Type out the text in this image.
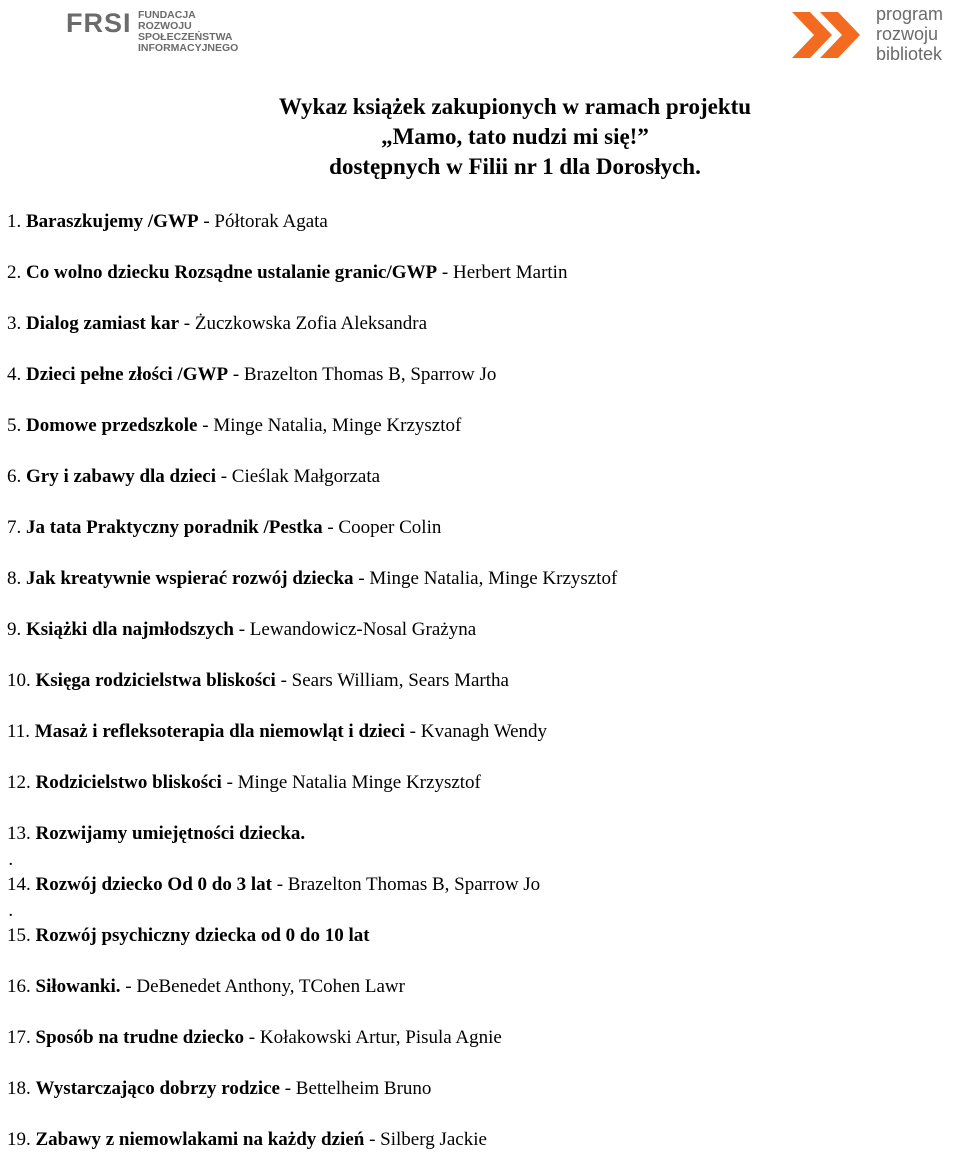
FRSI FUNDACJA
ROZWOJU
SPOŁECZEŃSTWA
INFORMACYJNEGO
program
rozwoju
bibliotek
Wykaz książek zakupionych w ramach projektu
„Mamo, tato nudzi mi się!”
dostępnych w Filii nr 1 dla Dorosłych.
1. Baraszkujemy /GWP - Półtorak Agata
2. Co wolno dziecku Rozsądne ustalanie granic/GWP - Herbert Martin
3. Dialog zamiast kar - Żuczkowska Zofia Aleksandra
4. Dzieci pełne złości /GWP - Brazelton Thomas B, Sparrow Jo
5. Domowe przedszkole - Minge Natalia, Minge Krzysztof
6. Gry i zabawy dla dzieci - Cieślak Małgorzata
7. Ja tata Praktyczny poradnik /Pestka - Cooper Colin
8. Jak kreatywnie wspierać rozwój dziecka - Minge Natalia, Minge Krzysztof
9. Książki dla najmłodszych - Lewandowicz-Nosal Grażyna
10. Księga rodzicielstwa bliskości - Sears William, Sears Martha
11. Masaż i refleksoterapia dla niemowląt i dzieci - Kvanagh Wendy
12. Rodzicielstwo bliskości - Minge Natalia Minge Krzysztof
13. Rozwijamy umiejętności dziecka.
.
14. Rozwój dziecko Od 0 do 3 lat - Brazelton Thomas B, Sparrow Jo
.
15. Rozwój psychiczny dziecka od 0 do 10 lat
16. Siłowanki. - DeBenedet Anthony, TCohen Lawr
17. Sposób na trudne dziecko - Kołakowski Artur, Pisula Agnie
18. Wystarczająco dobrzy rodzice - Bettelheim Bruno
19. Zabawy z niemowlakami na każdy dzień - Silberg Jackie
